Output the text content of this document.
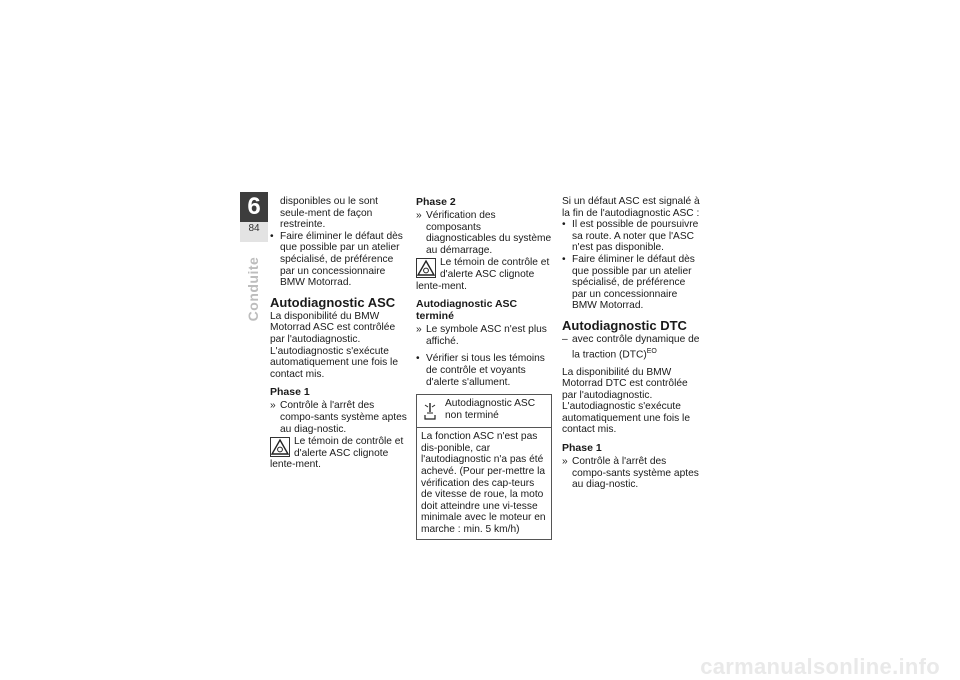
6
84
Conduite

disponibles ou le sont seule-ment de façon restreinte.

• Faire éliminer le défaut dès que possible par un atelier spécialisé, de préférence par un concessionnaire BMW Motorrad.

Autodiagnostic ASC

La disponibilité du BMW Motorrad ASC est contrôlée par l'autodiagnostic. L'autodiagnostic s'exécute automatiquement une fois le contact mis.

Phase 1

» Contrôle à l'arrêt des compo-sants système aptes au diag-nostic.

Le témoin de contrôle et d'alerte ASC clignote lente-ment.
Phase 2

» Vérification des composants diagnosticables du système au démarrage.

Le témoin de contrôle et d'alerte ASC clignote lente-ment.
Autodiagnostic ASC terminé

» Le symbole ASC n'est plus affiché.

• Vérifier si tous les témoins de contrôle et voyants d'alerte s'allument.

Autodiagnostic ASC non terminé
La fonction ASC n'est pas dis-ponible, car l'autodiagnostic n'a pas été achevé. (Pour per-mettre la vérification des cap-teurs de vitesse de roue, la moto doit atteindre une vi-tesse minimale avec le moteur en marche : min. 5 km/h)

Si un défaut ASC est signalé à la fin de l'autodiagnostic ASC :

• Il est possible de poursuivre sa route. A noter que l'ASC n'est pas disponible.

• Faire éliminer le défaut dès que possible par un atelier spécialisé, de préférence par un concessionnaire BMW Motorrad.

Autodiagnostic DTC

– avec contrôle dynamique de la traction (DTC)$^{EO}$

La disponibilité du BMW Motorrad DTC est contrôlée par l'autodiagnostic. L'autodiagnostic s'exécute automatiquement une fois le contact mis.

Phase 1

» Contrôle à l'arrêt des compo-sants système aptes au diag-nostic.

carmanualsonline.info
